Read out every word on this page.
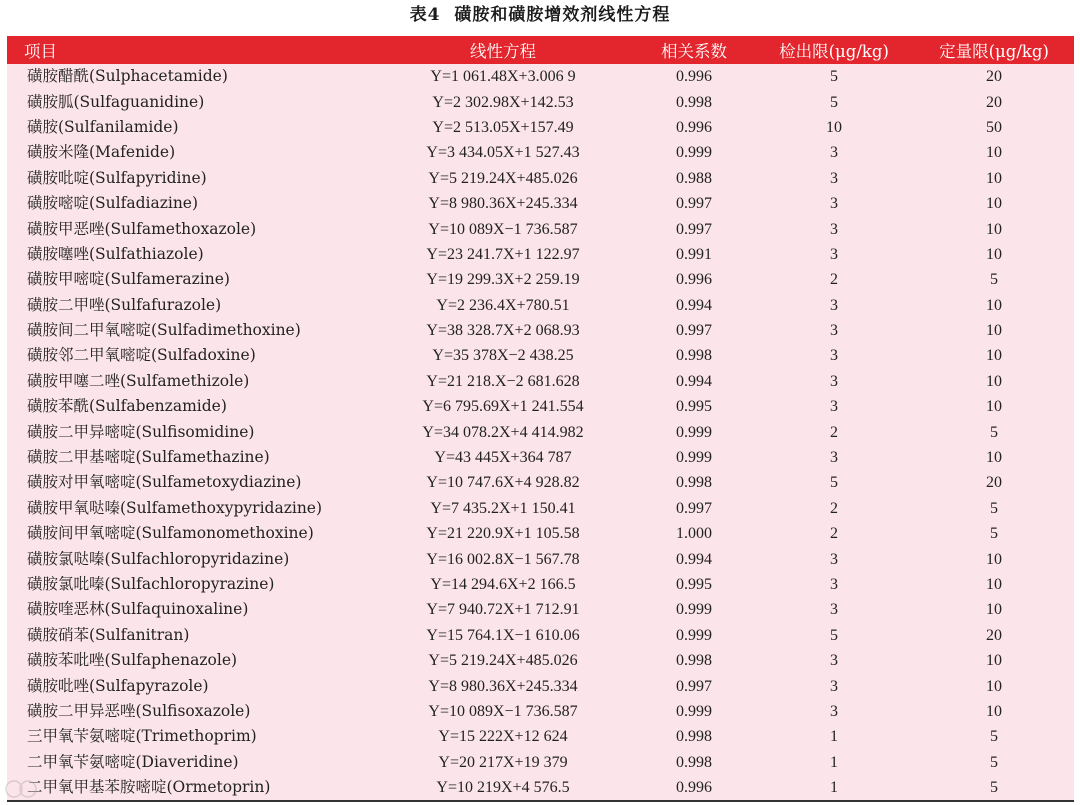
表4 磺胺和磺胺增效剂线性方程
项目	线性方程	相关系数	检出限(μg/kg)	定量限(μg/kg)
磺胺醋酰(Sulphacetamide)	Y=1 061.48X+3.006 9	0.996	5	20
磺胺胍(Sulfaguanidine)	Y=2 302.98X+142.53	0.998	5	20
磺胺(Sulfanilamide)	Y=2 513.05X+157.49	0.996	10	50
磺胺米隆(Mafenide)	Y=3 434.05X+1 527.43	0.999	3	10
磺胺吡啶(Sulfapyridine)	Y=5 219.24X+485.026	0.988	3	10
磺胺嘧啶(Sulfadiazine)	Y=8 980.36X+245.334	0.997	3	10
磺胺甲恶唑(Sulfamethoxazole)	Y=10 089X−1 736.587	0.997	3	10
磺胺噻唑(Sulfathiazole)	Y=23 241.7X+1 122.97	0.991	3	10
磺胺甲嘧啶(Sulfamerazine)	Y=19 299.3X+2 259.19	0.996	2	5
磺胺二甲唑(Sulfafurazole)	Y=2 236.4X+780.51	0.994	3	10
磺胺间二甲氧嘧啶(Sulfadimethoxine)	Y=38 328.7X+2 068.93	0.997	3	10
磺胺邻二甲氧嘧啶(Sulfadoxine)	Y=35 378X−2 438.25	0.998	3	10
磺胺甲噻二唑(Sulfamethizole)	Y=21 218.X−2 681.628	0.994	3	10
磺胺苯酰(Sulfabenzamide)	Y=6 795.69X+1 241.554	0.995	3	10
磺胺二甲异嘧啶(Sulfisomidine)	Y=34 078.2X+4 414.982	0.999	2	5
磺胺二甲基嘧啶(Sulfamethazine)	Y=43 445X+364 787	0.999	3	10
磺胺对甲氧嘧啶(Sulfametoxydiazine)	Y=10 747.6X+4 928.82	0.998	5	20
磺胺甲氧哒嗪(Sulfamethoxypyridazine)	Y=7 435.2X+1 150.41	0.997	2	5
磺胺间甲氧嘧啶(Sulfamonomethoxine)	Y=21 220.9X+1 105.58	1.000	2	5
磺胺氯哒嗪(Sulfachloropyridazine)	Y=16 002.8X−1 567.78	0.994	3	10
磺胺氯吡嗪(Sulfachloropyrazine)	Y=14 294.6X+2 166.5	0.995	3	10
磺胺喹恶林(Sulfaquinoxaline)	Y=7 940.72X+1 712.91	0.999	3	10
磺胺硝苯(Sulfanitran)	Y=15 764.1X−1 610.06	0.999	5	20
磺胺苯吡唑(Sulfaphenazole)	Y=5 219.24X+485.026	0.998	3	10
磺胺吡唑(Sulfapyrazole)	Y=8 980.36X+245.334	0.997	3	10
磺胺二甲异恶唑(Sulfisoxazole)	Y=10 089X−1 736.587	0.999	3	10
三甲氧苄氨嘧啶(Trimethoprim)	Y=15 222X+12 624	0.998	1	5
二甲氧苄氨嘧啶(Diaveridine)	Y=20 217X+19 379	0.998	1	5
二甲氧甲基苯胺嘧啶(Ormetoprin)	Y=10 219X+4 576.5	0.996	1	5
